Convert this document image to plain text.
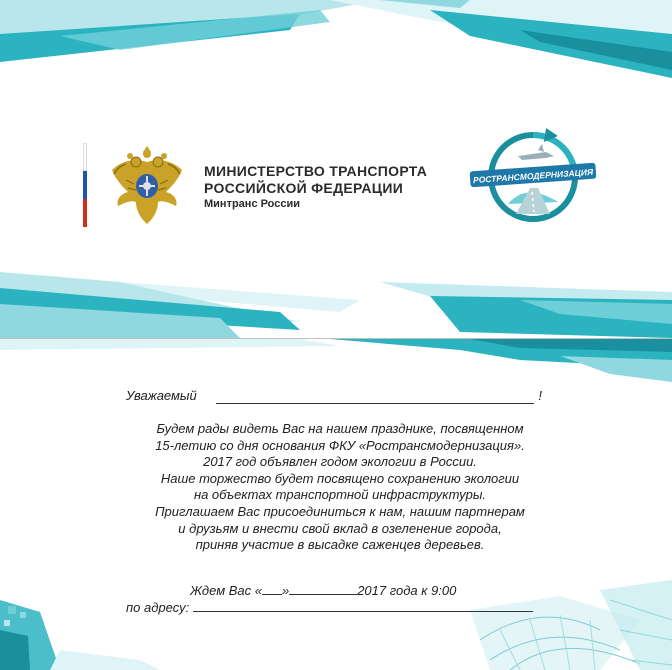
МИНИСТЕРСТВО ТРАНСПОРТА
РОССИЙСКОЙ ФЕДЕРАЦИИ
Минтранс России
РОСТРАНСМОДЕРНИЗАЦИЯ
Уважаемый	!
Будем рады видеть Вас на нашем празднике, посвященном
15-летию со дня основания ФКУ «Ространсмодернизация».
2017 год объявлен годом экологии в России.
Наше торжество будет посвящено сохранению экологии
на объектах транспортной инфраструктуры.
Приглашаем Вас присоединиться к нам, нашим партнерам
и друзьям и внести свой вклад в озеленение города,
приняв участие в высадке саженцев деревьев.
Ждем Вас « »	2017 года к 9:00
по адресу:
